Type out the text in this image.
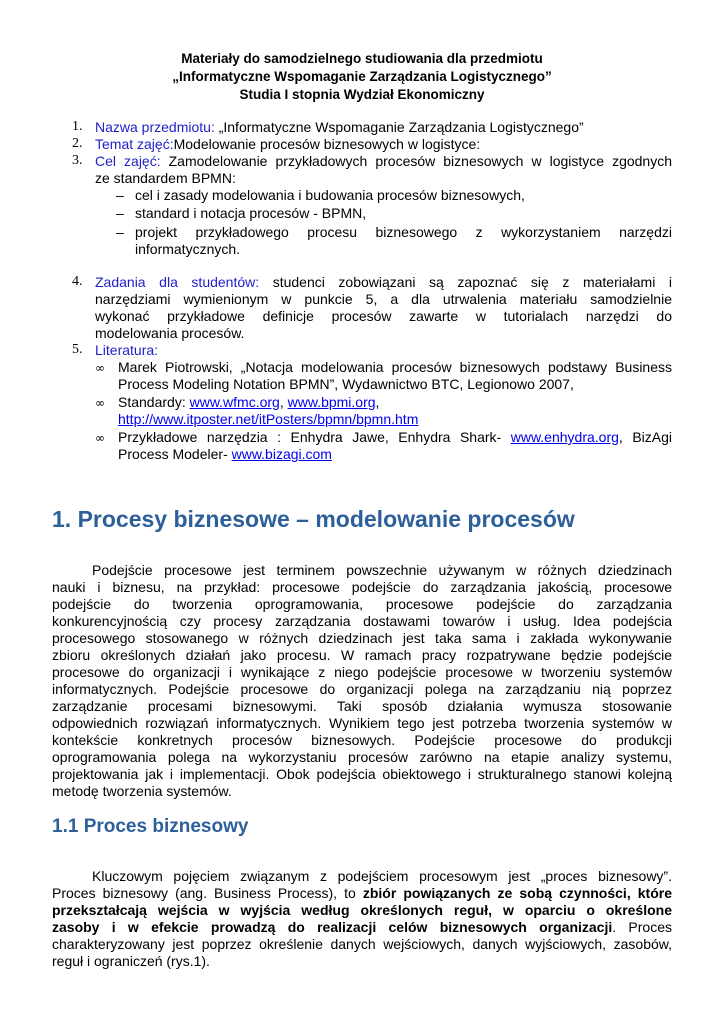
Materiały do samodzielnego studiowania dla przedmiotu
„Informatyczne Wspomaganie Zarządzania Logistycznego”
Studia I stopnia Wydział Ekonomiczny
1. Nazwa przedmiotu: „Informatyczne Wspomaganie Zarządzania Logistycznego”
2. Temat zajęć:Modelowanie procesów biznesowych w logistyce:
3. Cel zajęć: Zamodelowanie przykładowych procesów biznesowych w logistyce zgodnych
ze standardem BPMN:
– cel i zasady modelowania i budowania procesów biznesowych,
– standard i notacja procesów - BPMN,
– projekt przykładowego procesu biznesowego z wykorzystaniem narzędzi
informatycznych.
4. Zadania dla studentów: studenci zobowiązani są zapoznać się z materiałami i
narzędziami wymienionym w punkcie 5, a dla utrwalenia materiału samodzielnie
wykonać przykładowe definicje procesów zawarte w tutorialach narzędzi do
modelowania procesów.
5. Literatura:
∞ Marek Piotrowski, „Notacja modelowania procesów biznesowych podstawy Business
Process Modeling Notation BPMN”, Wydawnictwo BTC, Legionowo 2007,
∞ Standardy: www.wfmc.org, www.bpmi.org,
http://www.itposter.net/itPosters/bpmn/bpmn.htm
∞ Przykładowe narzędzia : Enhydra Jawe, Enhydra Shark- www.enhydra.org, BizAgi
Process Modeler- www.bizagi.com
1. Procesy biznesowe – modelowanie procesów
Podejście procesowe jest terminem powszechnie używanym w różnych dziedzinach
nauki i biznesu, na przykład: procesowe podejście do zarządzania jakością, procesowe
podejście do tworzenia oprogramowania, procesowe podejście do zarządzania
konkurencyjnością czy procesy zarządzania dostawami towarów i usług. Idea podejścia
procesowego stosowanego w różnych dziedzinach jest taka sama i zakłada wykonywanie
zbioru określonych działań jako procesu. W ramach pracy rozpatrywane będzie podejście
procesowe do organizacji i wynikające z niego podejście procesowe w tworzeniu systemów
informatycznych. Podejście procesowe do organizacji polega na zarządzaniu nią poprzez
zarządzanie procesami biznesowymi. Taki sposób działania wymusza stosowanie
odpowiednich rozwiązań informatycznych. Wynikiem tego jest potrzeba tworzenia systemów w
kontekście konkretnych procesów biznesowych. Podejście procesowe do produkcji
oprogramowania polega na wykorzystaniu procesów zarówno na etapie analizy systemu,
projektowania jak i implementacji. Obok podejścia obiektowego i strukturalnego stanowi kolejną
metodę tworzenia systemów.
1.1 Proces biznesowy
Kluczowym pojęciem związanym z podejściem procesowym jest „proces biznesowy”.
Proces biznesowy (ang. Business Process), to zbiór powiązanych ze sobą czynności, które
przekształcają wejścia w wyjścia według określonych reguł, w oparciu o określone
zasoby i w efekcie prowadzą do realizacji celów biznesowych organizacji. Proces
charakteryzowany jest poprzez określenie danych wejściowych, danych wyjściowych, zasobów,
reguł i ograniczeń (rys.1).
